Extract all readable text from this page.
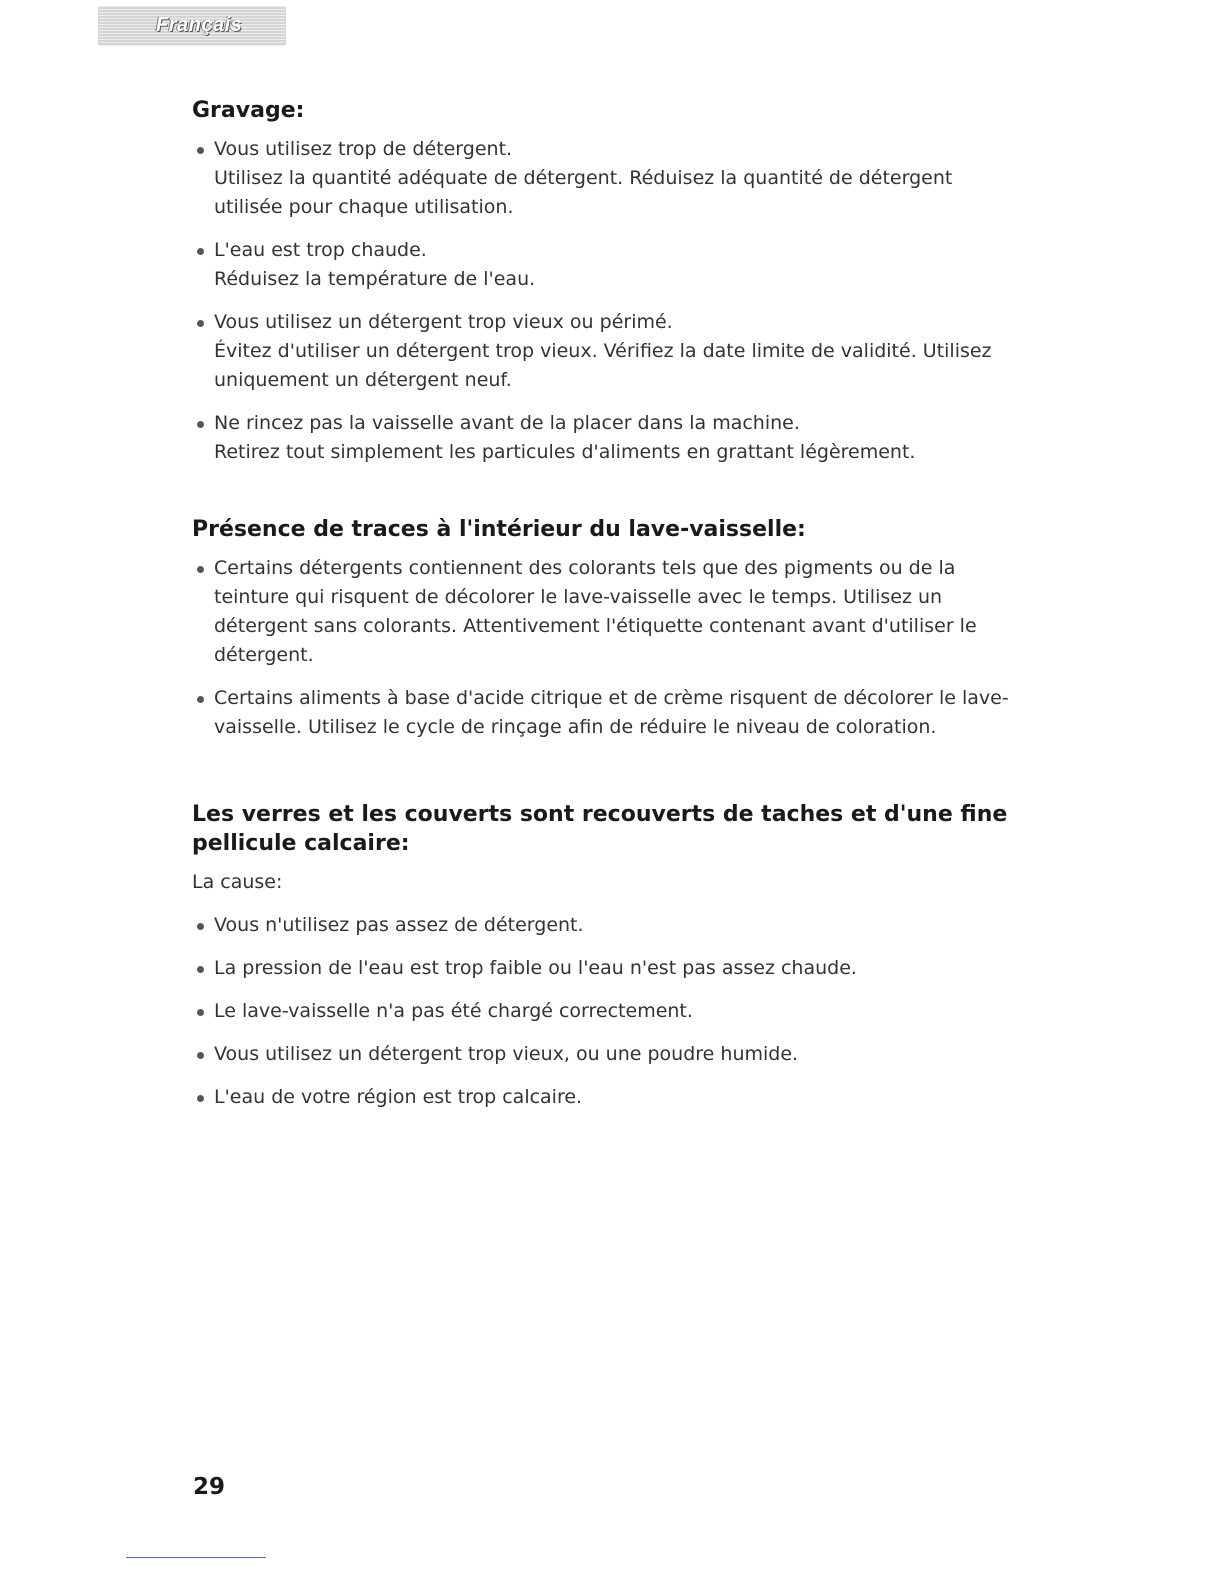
Français
Gravage:
Vous utilisez trop de détergent.
Utilisez la quantité adéquate de détergent. Réduisez la quantité de détergent utilisée pour chaque utilisation.
L'eau est trop chaude.
Réduisez la température de l'eau.
Vous utilisez un détergent trop vieux ou périmé.
Évitez d'utiliser un détergent trop vieux. Vérifiez la date limite de validité. Utilisez uniquement un détergent neuf.
Ne rincez pas la vaisselle avant de la placer dans la machine.
Retirez tout simplement les particules d'aliments en grattant légèrement.
Présence de traces à l'intérieur du lave-vaisselle:
Certains détergents contiennent des colorants tels que des pigments ou de la teinture qui risquent de décolorer le lave-vaisselle avec le temps. Utilisez un détergent sans colorants. Attentivement l'étiquette contenant avant d'utiliser le détergent.
Certains aliments à base d'acide citrique et de crème risquent de décolorer le lave-vaisselle. Utilisez le cycle de rinçage afin de réduire le niveau de coloration.
Les verres et les couverts sont recouverts de taches et d'une fine pellicule calcaire:

La cause:

Vous n'utilisez pas assez de détergent.
La pression de l'eau est trop faible ou l'eau n'est pas assez chaude.
Le lave-vaisselle n'a pas été chargé correctement.
Vous utilisez un détergent trop vieux, ou une poudre humide.
L'eau de votre région est trop calcaire.
29
